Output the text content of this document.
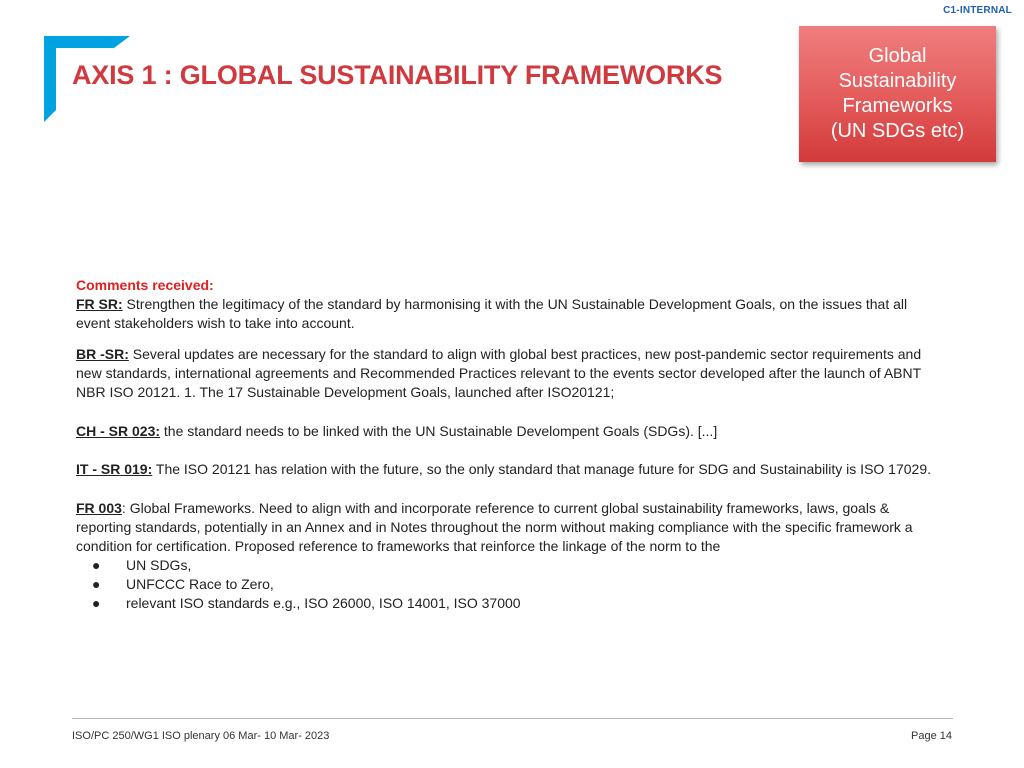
C1-INTERNAL
AXIS 1 : GLOBAL SUSTAINABILITY FRAMEWORKS
Global
Sustainability
Frameworks
(UN SDGs etc)

Comments received:

FR SR: Strengthen the legitimacy of the standard by harmonising it with the UN Sustainable Development Goals, on the issues that all event stakeholders wish to take into account.

BR -SR: Several updates are necessary for the standard to align with global best practices, new post-pandemic sector requirements and new standards, international agreements and Recommended Practices relevant to the events sector developed after the launch of ABNT NBR ISO 20121. 1. The 17 Sustainable Development Goals, launched after ISO20121;

CH - SR 023: the standard needs to be linked with the UN Sustainable Develompent Goals (SDGs). [...]

IT - SR 019: The ISO 20121 has relation with the future, so the only standard that manage future for SDG and Sustainability is ISO 17029.

FR 003: Global Frameworks. Need to align with and incorporate reference to current global sustainability frameworks, laws, goals & reporting standards, potentially in an Annex and in Notes throughout the norm without making compliance with the specific framework a condition for certification. Proposed reference to frameworks that reinforce the linkage of the norm to the

● UN SDGs,
● UNFCCC Race to Zero,
● relevant ISO standards e.g., ISO 26000, ISO 14001, ISO 37000
ISO/PC 250/WG1 ISO plenary 06 Mar- 10 Mar- 2023	Page 14
